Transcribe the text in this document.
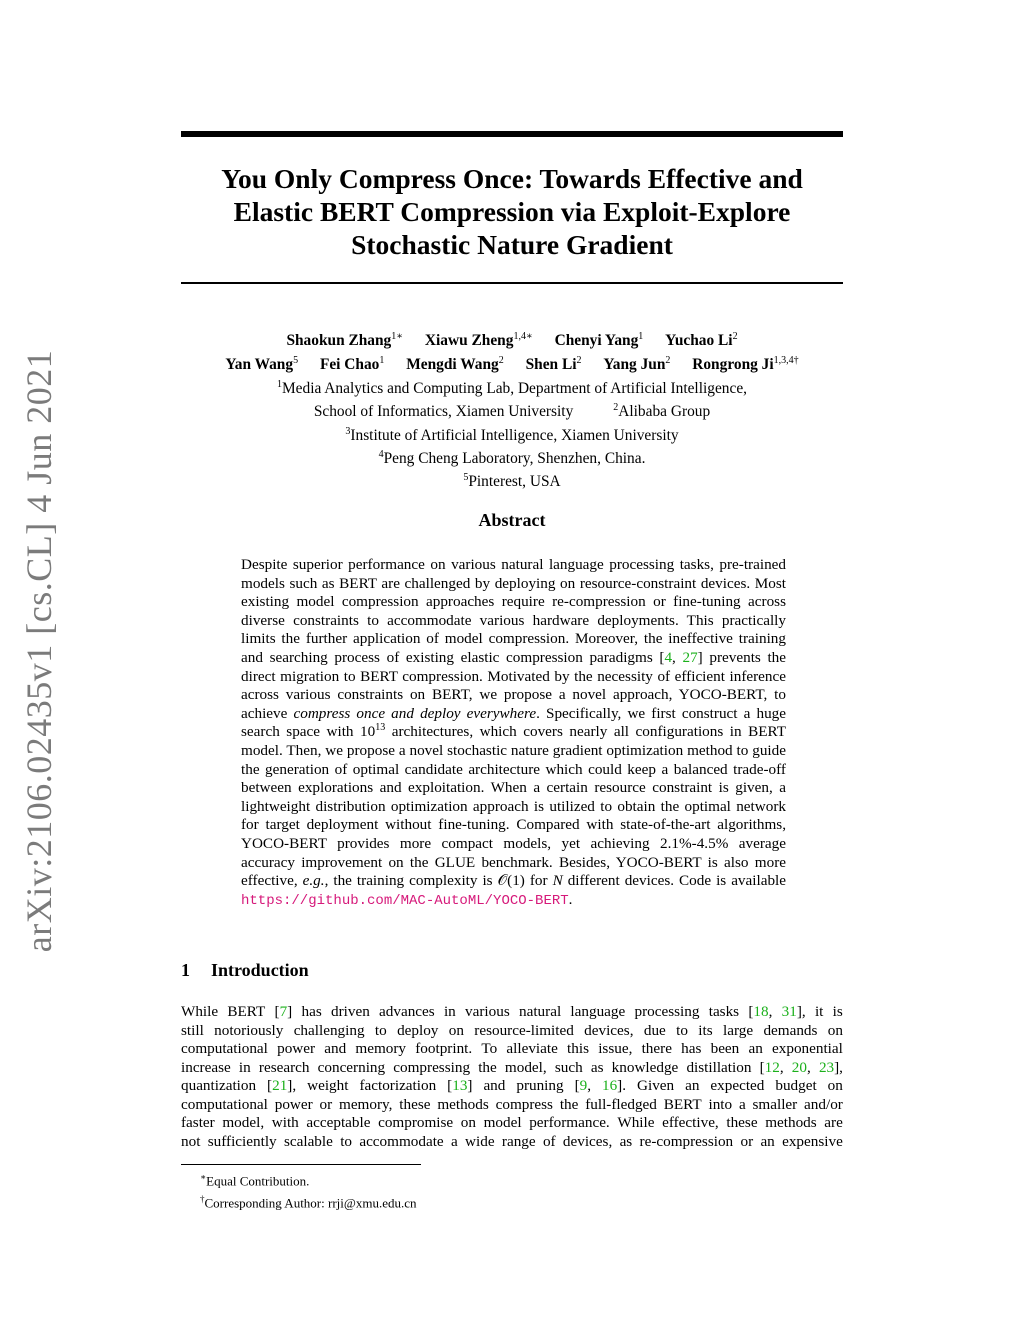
arXiv:2106.02435v1 [cs.CL] 4 Jun 2021
You Only Compress Once: Towards Effective and
Elastic BERT Compression via Exploit-Explore
Stochastic Nature Gradient
Shaokun Zhang$^{1∗}$ Xiawu Zheng$^{1,4∗}$ Chenyi Yang$^1$ Yuchao Li$^2$
Yan Wang$^5$ Fei Chao$^1$ Mengdi Wang$^2$ Shen Li$^2$ Yang Jun$^2$ Rongrong $Ji^{1,3,4\dagger}$
$^1$Media Analytics and Computing Lab, Department of Artificial Intelligence,
School of Informatics, Xiamen University	$^2$Alibaba Group
$^3$Institute of Artificial Intelligence, Xiamen University
$^4$Peng Cheng Laboratory, Shenzhen, China.
$^5$Pinterest, USA
Abstract
Despite superior performance on various natural language processing tasks, pre-trained models such as BERT are challenged by deploying on resource-constraint devices. Most existing model compression approaches require re-compression or fine-tuning across diverse constraints to accommodate various hardware deployments. This practically limits the further application of model compression. Moreover, the ineffective training and searching process of existing elastic compression paradigms [4, 27] prevents the direct migration to BERT compression. Motivated by the necessity of efficient inference across various constraints on BERT, we propose a novel approach, YOCO-BERT, to achieve compress once and deploy everywhere. Specifically, we first construct a huge search space with $10^{13}$ architectures, which covers nearly all configurations in BERT model. Then, we propose a novel stochastic nature gradient optimization method to guide the generation of optimal candidate architecture which could keep a balanced trade-off between explorations and exploitation. When a certain resource constraint is given, a lightweight distribution optimization approach is utilized to obtain the optimal network for target deployment without fine-tuning. Compared with state-of-the-art algorithms, YOCO-BERT provides more compact models, yet achieving 2.1%-4.5% average accuracy improvement on the GLUE benchmark. Besides, YOCO-BERT is also more effective, e.g., the training complexity is 𝒪(1) for N different devices. Code is available https://github.com/MAC-AutoML/YOCO-BERT.
1 Introduction
While BERT [7] has driven advances in various natural language processing tasks [18, 31], it is
still notoriously challenging to deploy on resource-limited devices, due to its large demands on
computational power and memory footprint. To alleviate this issue, there has been an exponential
increase in research concerning compressing the model, such as knowledge distillation [12, 20, 23],
quantization [21], weight factorization [13] and pruning [9, 16]. Given an expected budget on
computational power or memory, these methods compress the full-fledged BERT into a smaller and/or
faster model, with acceptable compromise on model performance. While effective, these methods are
not sufficiently scalable to accommodate a wide range of devices, as re-compression or an expensive
∗Equal Contribution.
†Corresponding Author: rrji@xmu.edu.cn
